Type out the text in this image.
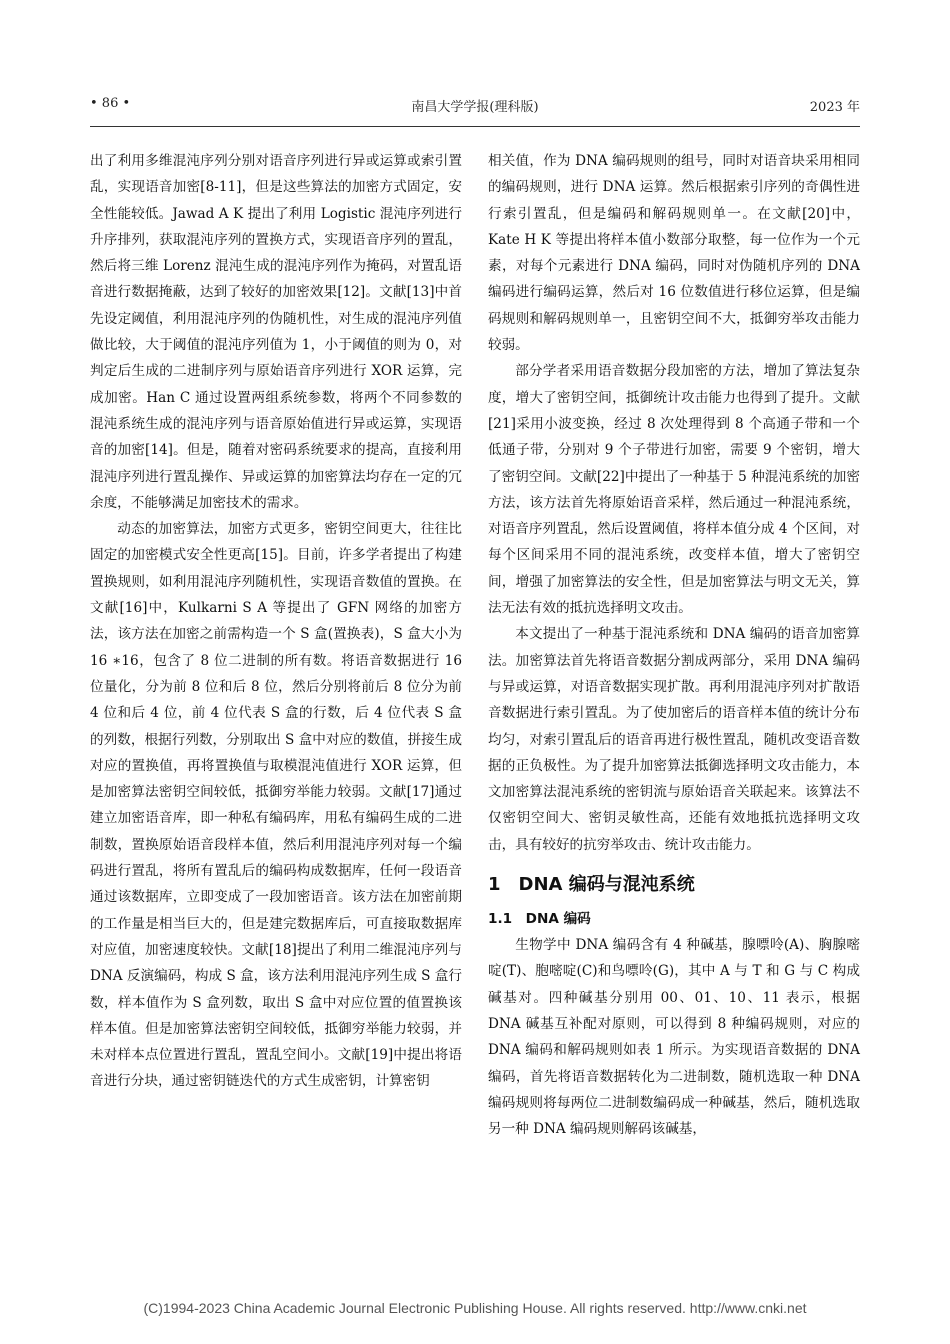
• 86 •	南昌大学学报(理科版)	2023 年

出了利用多维混沌序列分别对语音序列进行异或运算或索引置乱，实现语音加密[8-11]，但是这些算法的加密方式固定，安全性能较低。Jawad A K 提出了利用 Logistic 混沌序列进行升序排列，获取混沌序列的置换方式，实现语音序列的置乱，然后将三维 Lorenz 混沌生成的混沌序列作为掩码，对置乱语音进行数据掩蔽，达到了较好的加密效果[12]。文献[13]中首先设定阈值，利用混沌序列的伪随机性，对生成的混沌序列值做比较，大于阈值的混沌序列值为 1，小于阈值的则为 0，对判定后生成的二进制序列与原始语音序列进行 XOR 运算，完成加密。Han C 通过设置两组系统参数，将两个不同参数的混沌系统生成的混沌序列与语音原始值进行异或运算，实现语音的加密[14]。但是，随着对密码系统要求的提高，直接利用混沌序列进行置乱操作、异或运算的加密算法均存在一定的冗余度，不能够满足加密技术的需求。

动态的加密算法，加密方式更多，密钥空间更大，往往比固定的加密模式安全性更高[15]。目前，许多学者提出了构建置换规则，如利用混沌序列随机性，实现语音数值的置换。在文献[16]中，Kulkarni S A 等提出了 GFN 网络的加密方法，该方法在加密之前需构造一个 S 盒(置换表)，S 盒大小为 16 ∗16，包含了 8 位二进制的所有数。将语音数据进行 16 位量化，分为前 8 位和后 8 位，然后分别将前后 8 位分为前 4 位和后 4 位，前 4 位代表 S 盒的行数，后 4 位代表 S 盒的列数，根据行列数，分别取出 S 盒中对应的数值，拼接生成对应的置换值，再将置换值与取模混沌值进行 XOR 运算，但是加密算法密钥空间较低，抵御穷举能力较弱。文献[17]通过建立加密语音库，即一种私有编码库，用私有编码生成的二进制数，置换原始语音段样本值，然后利用混沌序列对每一个编码进行置乱，将所有置乱后的编码构成数据库，任何一段语音通过该数据库，立即变成了一段加密语音。该方法在加密前期的工作量是相当巨大的，但是建完数据库后，可直接取数据库对应值，加密速度较快。文献[18]提出了利用二维混沌序列与 DNA 反演编码，构成 S 盒，该方法利用混沌序列生成 S 盒行数，样本值作为 S 盒列数，取出 S 盒中对应位置的值置换该样本值。但是加密算法密钥空间较低，抵御穷举能力较弱，并未对样本点位置进行置乱，置乱空间小。文献[19]中提出将语音进行分块，通过密钥链迭代的方式生成密钥，计算密钥

相关值，作为 DNA 编码规则的组号，同时对语音块采用相同的编码规则，进行 DNA 运算。然后根据索引序列的奇偶性进行索引置乱，但是编码和解码规则单一。在文献[20]中，Kate H K 等提出将样本值小数部分取整，每一位作为一个元素，对每个元素进行 DNA 编码，同时对伪随机序列的 DNA 编码进行编码运算，然后对 16 位数值进行移位运算，但是编码规则和解码规则单一，且密钥空间不大，抵御穷举攻击能力较弱。

部分学者采用语音数据分段加密的方法，增加了算法复杂度，增大了密钥空间，抵御统计攻击能力也得到了提升。文献[21]采用小波变换，经过 8 次处理得到 8 个高通子带和一个低通子带，分别对 9 个子带进行加密，需要 9 个密钥，增大了密钥空间。文献[22]中提出了一种基于 5 种混沌系统的加密方法，该方法首先将原始语音采样，然后通过一种混沌系统，对语音序列置乱，然后设置阈值，将样本值分成 4 个区间，对每个区间采用不同的混沌系统，改变样本值，增大了密钥空间，增强了加密算法的安全性，但是加密算法与明文无关，算法无法有效的抵抗选择明文攻击。

本文提出了一种基于混沌系统和 DNA 编码的语音加密算法。加密算法首先将语音数据分割成两部分，采用 DNA 编码与异或运算，对语音数据实现扩散。再利用混沌序列对扩散语音数据进行索引置乱。为了使加密后的语音样本值的统计分布均匀，对索引置乱后的语音再进行极性置乱，随机改变语音数据的正负极性。为了提升加密算法抵御选择明文攻击能力，本文加密算法混沌系统的密钥流与原始语音关联起来。该算法不仅密钥空间大、密钥灵敏性高，还能有效地抵抗选择明文攻击，具有较好的抗穷举攻击、统计攻击能力。

1　DNA 编码与混沌系统
1.1　DNA 编码

生物学中 DNA 编码含有 4 种碱基，腺嘌呤(A)、胸腺嘧啶(T)、胞嘧啶(C)和鸟嘌呤(G)，其中 A 与 T 和 G 与 C 构成碱基对。四种碱基分别用 00、01、10、11 表示，根据 DNA 碱基互补配对原则，可以得到 8 种编码规则，对应的 DNA 编码和解码规则如表 1 所示。为实现语音数据的 DNA 编码，首先将语音数据转化为二进制数，随机选取一种 DNA 编码规则将每两位二进制数编码成一种碱基，然后，随机选取另一种 DNA 编码规则解码该碱基，

(C)1994-2023 China Academic Journal Electronic Publishing House. All rights reserved. http://www.cnki.net
